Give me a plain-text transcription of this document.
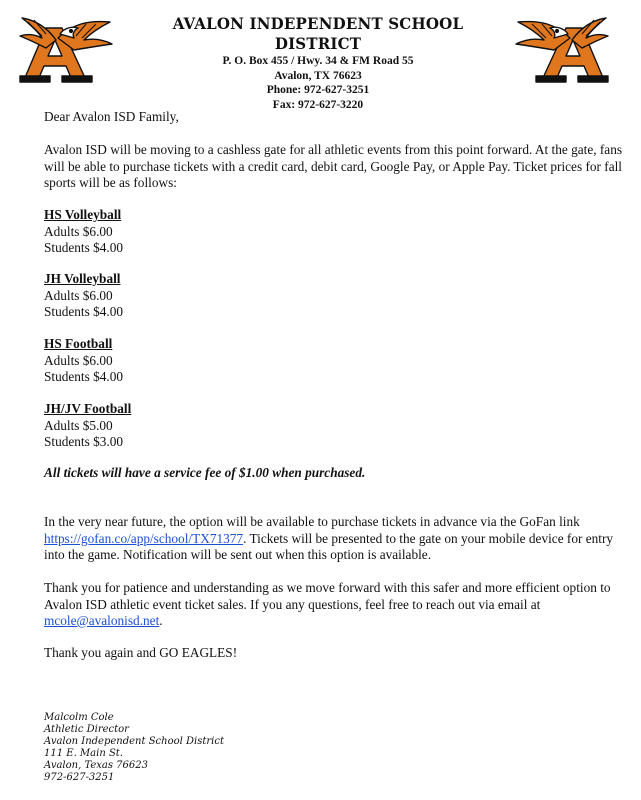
AVALON INDEPENDENT SCHOOL DISTRICT

P. O. Box 455 / Hwy. 34 & FM Road 55

Avalon, TX 76623

Phone: 972-627-3251

Fax: 972-627-3220

Dear Avalon ISD Family,
Avalon ISD will be moving to a cashless gate for all athletic events from this point forward. At the gate, fans will be able to purchase tickets with a credit card, debit card, Google Pay, or Apple Pay. Ticket prices for fall sports will be as follows:

HS Volleyball

Adults $6.00

Students $4.00

JH Volleyball

Adults $6.00

Students $4.00

HS Football

Adults $6.00

Students $4.00

JH/JV Football

Adults $5.00

Students $3.00

All tickets will have a service fee of $1.00 when purchased.
In the very near future, the option will be available to purchase tickets in advance via the GoFan link https://gofan.co/app/school/TX71377. Tickets will be presented to the gate on your mobile device for entry into the game. Notification will be sent out when this option is available.
Thank you for patience and understanding as we move forward with this safer and more efficient option to Avalon ISD athletic event ticket sales. If you any questions, feel free to reach out via email at mcole@avalonisd.net.
Thank you again and GO EAGLES!

Malcolm Cole

Athletic Director

Avalon Independent School District

111 E. Main St.

Avalon, Texas 76623

972-627-3251
